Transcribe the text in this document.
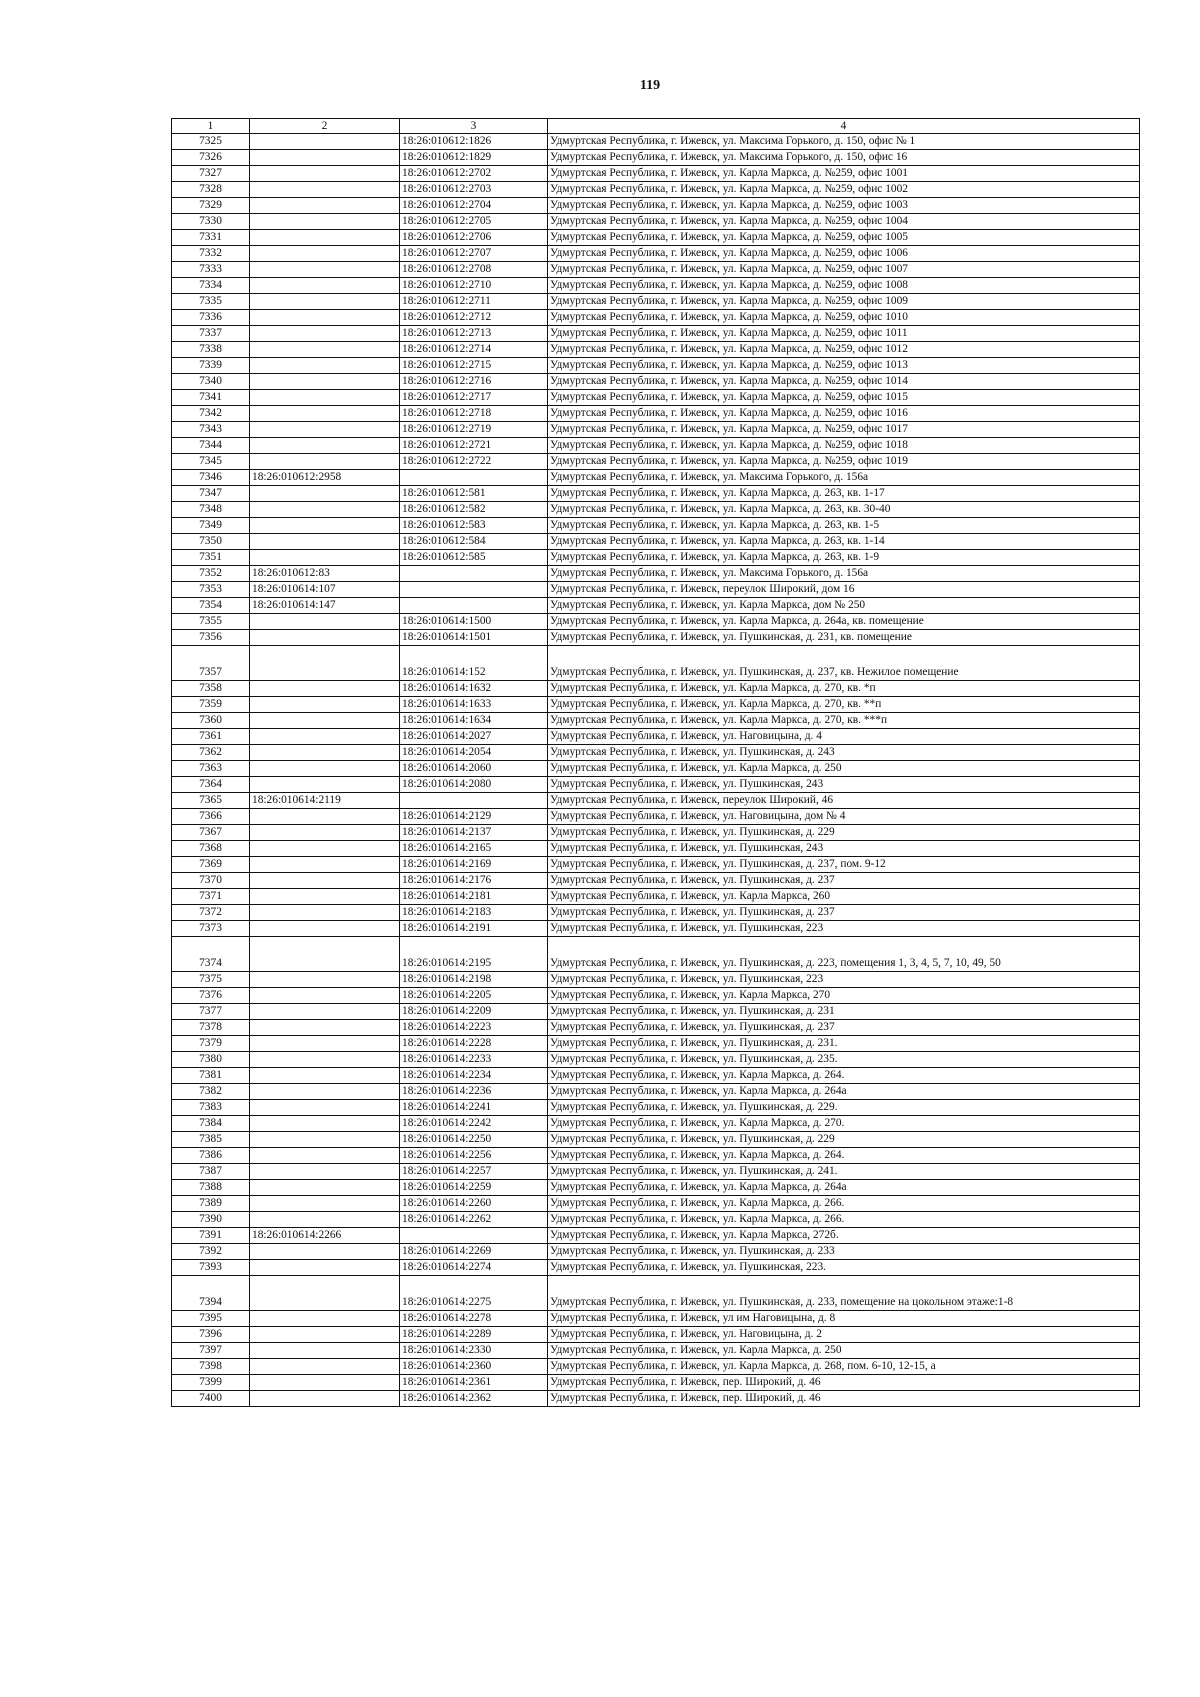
119
1	2	3	4
7325		18:26:010612:1826	Удмуртская Республика, г. Ижевск, ул. Максима Горького, д. 150, офис № 1
7326		18:26:010612:1829	Удмуртская Республика, г. Ижевск, ул. Максима Горького, д. 150, офис 16
7327		18:26:010612:2702	Удмуртская Республика, г. Ижевск, ул. Карла Маркса, д. №259, офис 1001
7328		18:26:010612:2703	Удмуртская Республика, г. Ижевск, ул. Карла Маркса, д. №259, офис 1002
7329		18:26:010612:2704	Удмуртская Республика, г. Ижевск, ул. Карла Маркса, д. №259, офис 1003
7330		18:26:010612:2705	Удмуртская Республика, г. Ижевск, ул. Карла Маркса, д. №259, офис 1004
7331		18:26:010612:2706	Удмуртская Республика, г. Ижевск, ул. Карла Маркса, д. №259, офис 1005
7332		18:26:010612:2707	Удмуртская Республика, г. Ижевск, ул. Карла Маркса, д. №259, офис 1006
7333		18:26:010612:2708	Удмуртская Республика, г. Ижевск, ул. Карла Маркса, д. №259, офис 1007
7334		18:26:010612:2710	Удмуртская Республика, г. Ижевск, ул. Карла Маркса, д. №259, офис 1008
7335		18:26:010612:2711	Удмуртская Республика, г. Ижевск, ул. Карла Маркса, д. №259, офис 1009
7336		18:26:010612:2712	Удмуртская Республика, г. Ижевск, ул. Карла Маркса, д. №259, офис 1010
7337		18:26:010612:2713	Удмуртская Республика, г. Ижевск, ул. Карла Маркса, д. №259, офис 1011
7338		18:26:010612:2714	Удмуртская Республика, г. Ижевск, ул. Карла Маркса, д. №259, офис 1012
7339		18:26:010612:2715	Удмуртская Республика, г. Ижевск, ул. Карла Маркса, д. №259, офис 1013
7340		18:26:010612:2716	Удмуртская Республика, г. Ижевск, ул. Карла Маркса, д. №259, офис 1014
7341		18:26:010612:2717	Удмуртская Республика, г. Ижевск, ул. Карла Маркса, д. №259, офис 1015
7342		18:26:010612:2718	Удмуртская Республика, г. Ижевск, ул. Карла Маркса, д. №259, офис 1016
7343		18:26:010612:2719	Удмуртская Республика, г. Ижевск, ул. Карла Маркса, д. №259, офис 1017
7344		18:26:010612:2721	Удмуртская Республика, г. Ижевск, ул. Карла Маркса, д. №259, офис 1018
7345		18:26:010612:2722	Удмуртская Республика, г. Ижевск, ул. Карла Маркса, д. №259, офис 1019
7346	18:26:010612:2958		Удмуртская Республика, г. Ижевск, ул. Максима Горького, д. 156а
7347		18:26:010612:581	Удмуртская Республика, г. Ижевск, ул. Карла Маркса, д. 263, кв. 1-17
7348		18:26:010612:582	Удмуртская Республика, г. Ижевск, ул. Карла Маркса, д. 263, кв. 30-40
7349		18:26:010612:583	Удмуртская Республика, г. Ижевск, ул. Карла Маркса, д. 263, кв. 1-5
7350		18:26:010612:584	Удмуртская Республика, г. Ижевск, ул. Карла Маркса, д. 263, кв. 1-14
7351		18:26:010612:585	Удмуртская Республика, г. Ижевск, ул. Карла Маркса, д. 263, кв. 1-9
7352	18:26:010612:83		Удмуртская Республика, г. Ижевск, ул. Максима Горького, д. 156а
7353	18:26:010614:107		Удмуртская Республика, г. Ижевск, переулок Широкий, дом 16
7354	18:26:010614:147		Удмуртская Республика, г. Ижевск, ул. Карла Маркса, дом № 250
7355		18:26:010614:1500	Удмуртская Республика, г. Ижевск, ул. Карла Маркса, д. 264а, кв. помещение
7356		18:26:010614:1501	Удмуртская Республика, г. Ижевск, ул. Пушкинская, д. 231, кв. помещение
7357		18:26:010614:152	Удмуртская Республика, г. Ижевск, ул. Пушкинская, д. 237, кв. Нежилое помещение
7358		18:26:010614:1632	Удмуртская Республика, г. Ижевск, ул. Карла Маркса, д. 270, кв. *п
7359		18:26:010614:1633	Удмуртская Республика, г. Ижевск, ул. Карла Маркса, д. 270, кв. **п
7360		18:26:010614:1634	Удмуртская Республика, г. Ижевск, ул. Карла Маркса, д. 270, кв. ***п
7361		18:26:010614:2027	Удмуртская Республика, г. Ижевск, ул. Наговицына, д. 4
7362		18:26:010614:2054	Удмуртская Республика, г. Ижевск, ул. Пушкинская, д. 243
7363		18:26:010614:2060	Удмуртская Республика, г. Ижевск, ул. Карла Маркса, д. 250
7364		18:26:010614:2080	Удмуртская Республика, г. Ижевск, ул. Пушкинская, 243
7365	18:26:010614:2119		Удмуртская Республика, г. Ижевск, переулок Широкий, 46
7366		18:26:010614:2129	Удмуртская Республика, г. Ижевск, ул. Наговицына, дом № 4
7367		18:26:010614:2137	Удмуртская Республика, г. Ижевск, ул. Пушкинская, д. 229
7368		18:26:010614:2165	Удмуртская Республика, г. Ижевск, ул. Пушкинская, 243
7369		18:26:010614:2169	Удмуртская Республика, г. Ижевск, ул. Пушкинская, д. 237, пом. 9-12
7370		18:26:010614:2176	Удмуртская Республика, г. Ижевск, ул. Пушкинская, д. 237
7371		18:26:010614:2181	Удмуртская Республика, г. Ижевск, ул. Карла Маркса, 260
7372		18:26:010614:2183	Удмуртская Республика, г. Ижевск, ул. Пушкинская, д. 237
7373		18:26:010614:2191	Удмуртская Республика, г. Ижевск, ул. Пушкинская, 223
7374		18:26:010614:2195	Удмуртская Республика, г. Ижевск, ул. Пушкинская, д. 223, помещения 1, 3, 4, 5, 7, 10, 49, 50
7375		18:26:010614:2198	Удмуртская Республика, г. Ижевск, ул. Пушкинская, 223
7376		18:26:010614:2205	Удмуртская Республика, г. Ижевск, ул. Карла Маркса, 270
7377		18:26:010614:2209	Удмуртская Республика, г. Ижевск, ул. Пушкинская, д. 231
7378		18:26:010614:2223	Удмуртская Республика, г. Ижевск, ул. Пушкинская, д. 237
7379		18:26:010614:2228	Удмуртская Республика, г. Ижевск, ул. Пушкинская, д. 231.
7380		18:26:010614:2233	Удмуртская Республика, г. Ижевск, ул. Пушкинская, д. 235.
7381		18:26:010614:2234	Удмуртская Республика, г. Ижевск, ул. Карла Маркса, д. 264.
7382		18:26:010614:2236	Удмуртская Республика, г. Ижевск, ул. Карла Маркса, д. 264а
7383		18:26:010614:2241	Удмуртская Республика, г. Ижевск, ул. Пушкинская, д. 229.
7384		18:26:010614:2242	Удмуртская Республика, г. Ижевск, ул. Карла Маркса, д. 270.
7385		18:26:010614:2250	Удмуртская Республика, г. Ижевск, ул. Пушкинская, д. 229
7386		18:26:010614:2256	Удмуртская Республика, г. Ижевск, ул. Карла Маркса, д. 264.
7387		18:26:010614:2257	Удмуртская Республика, г. Ижевск, ул. Пушкинская, д. 241.
7388		18:26:010614:2259	Удмуртская Республика, г. Ижевск, ул. Карла Маркса, д. 264а
7389		18:26:010614:2260	Удмуртская Республика, г. Ижевск, ул. Карла Маркса, д. 266.
7390		18:26:010614:2262	Удмуртская Республика, г. Ижевск, ул. Карла Маркса, д. 266.
7391	18:26:010614:2266		Удмуртская Республика, г. Ижевск, ул. Карла Маркса, 272б.
7392		18:26:010614:2269	Удмуртская Республика, г. Ижевск, ул. Пушкинская, д. 233
7393		18:26:010614:2274	Удмуртская Республика, г. Ижевск, ул. Пушкинская, 223.
7394		18:26:010614:2275	Удмуртская Республика, г. Ижевск, ул. Пушкинская, д. 233, помещение на цокольном этаже:1-8
7395		18:26:010614:2278	Удмуртская Республика, г. Ижевск, ул им Наговицына, д. 8
7396		18:26:010614:2289	Удмуртская Республика, г. Ижевск, ул. Наговицына, д. 2
7397		18:26:010614:2330	Удмуртская Республика, г. Ижевск, ул. Карла Маркса, д. 250
7398		18:26:010614:2360	Удмуртская Республика, г. Ижевск, ул. Карла Маркса, д. 268, пом. 6-10, 12-15, а
7399		18:26:010614:2361	Удмуртская Республика, г. Ижевск, пер. Широкий, д. 46
7400		18:26:010614:2362	Удмуртская Республика, г. Ижевск, пер. Широкий, д. 46
